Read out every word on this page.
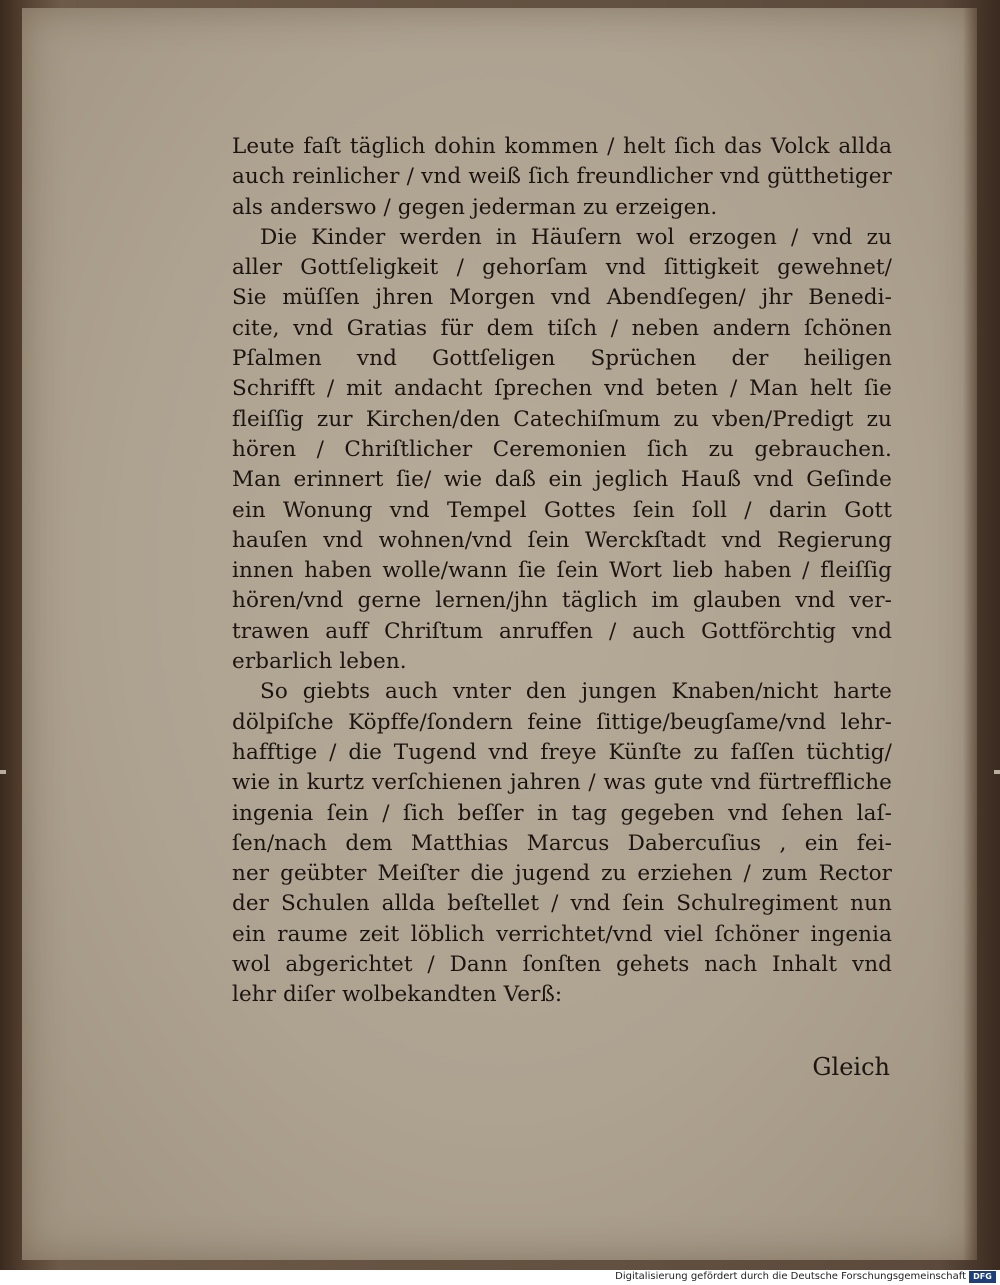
Leute faſt täglich dohin kommen / helt ſich das Volck allda
auch reinlicher / vnd weiß ſich freundlicher vnd gütthetiger
als anderswo / gegen jederman zu erzeigen.
Die Kinder werden in Häuſern wol erzogen / vnd zu
aller Gottſeligkeit / gehorſam vnd ſittigkeit gewehnet/
Sie müſſen jhren Morgen vnd Abendſegen/ jhr Benedi-
cite, vnd Gratias für dem tiſch / neben andern ſchönen
Pſalmen vnd Gottſeligen Sprüchen der heiligen
Schrifft / mit andacht ſprechen vnd beten / Man helt ſie
fleiſſig zur Kirchen/den Catechiſmum zu vben/Predigt zu
hören / Chriſtlicher Ceremonien ſich zu gebrauchen.
Man erinnert ſie/ wie daß ein jeglich Hauß vnd Geſinde
ein Wonung vnd Tempel Gottes ſein ſoll / darin Gott
hauſen vnd wohnen/vnd ſein Werckſtadt vnd Regierung
innen haben wolle/wann ſie ſein Wort lieb haben / fleiſſig
hören/vnd gerne lernen/jhn täglich im glauben vnd ver-
trawen auff Chriſtum anruffen / auch Gottförchtig vnd
erbarlich leben.
So giebts auch vnter den jungen Knaben/nicht harte
dölpiſche Köpffe/ſondern feine ſittige/beugſame/vnd lehr-
hafftige / die Tugend vnd freye Künſte zu faſſen tüchtig/
wie in kurtz verſchienen jahren / was gute vnd fürtreffliche
ingenia ſein / ſich beſſer in tag gegeben vnd ſehen laſ-
ſen/nach dem Matthias Marcus Dabercuſius , ein fei-
ner geübter Meiſter die jugend zu erziehen / zum Rector
der Schulen allda beſtellet / vnd ſein Schulregiment nun
ein raume zeit löblich verrichtet/vnd viel ſchöner ingenia
wol abgerichtet / Dann ſonſten gehets nach Inhalt vnd
lehr diſer wolbekandten Verß:
Gleich
Digitalisierung gefördert durch die Deutsche Forschungsgemeinschaft DFG
